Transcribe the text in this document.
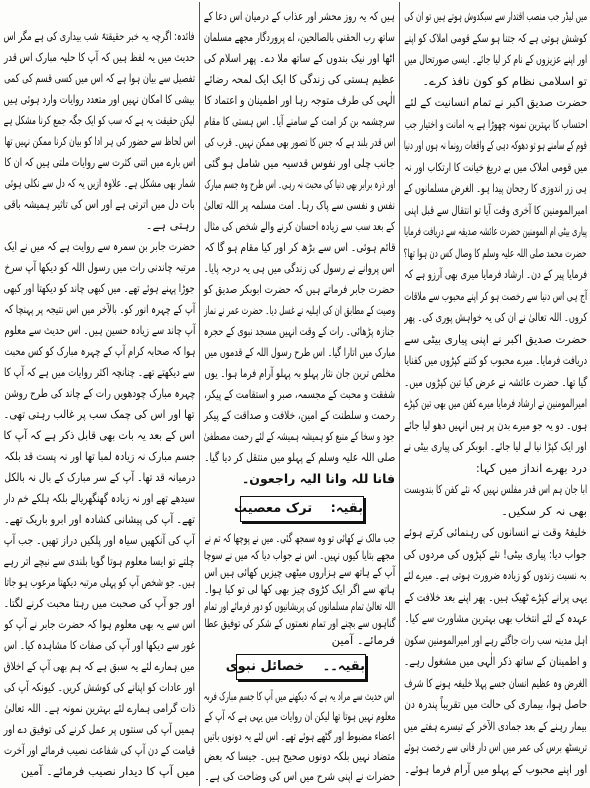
میں لیڈر جب منصب اقتدار سے سبکدوش ہوتے ہیں تو ان کی
کوشش ہوتی ہے کہ جتنا ہو سکے قومی املاک کو اپنے
اور اپنے عزیزوں کے نام کر لیا جائے۔ ایسی صورتحال میں
تو اسلامی نظام کو کون نافذ کرے۔
حضرت صدیق اکبر نے تمام انسانیت کے لئے
احتساب کا بہترین نمونہ چھوڑا ہے یہ امانت و اختیار جب
قوم کے سامنے ہو تو دھوکہ دہی کے واقعات رونما نہ ہوں اور دنیا
میں قومی املاک میں بے دریغ خیانت کا ارتکاب اور نہ
ہی زر اندوزی کا رجحان پیدا ہو۔ الغرض مسلمانوں کے
امیرالمومنین کا آخری وقت آیا تو انتقال سے قبل اپنی
پیاری بیٹی ام المومنین حضرت عائشہ صدیقہ سے دریافت فرمایا
حضرت محمد صلی اللہ علیہ وسلم کا وصال کس دن ہوا تھا؟
فرمایا پیر کے دن۔ ارشاد فرمایا میری بھی آرزو ہے کہ
آج ہی اس دنیا سے رخصت ہو کر اپنے محبوب سے ملاقات
کروں۔ اللہ تعالیٰ نے ان کی یہ خواہش پوری کی۔ پھر
حضرت صدیق اکبر نے اپنی پیاری بیٹی سے
دریافت فرمایا۔ میرے محبوب کو کتنے کپڑوں میں کفنایا
گیا تھا۔ حضرت عائشہ نے عرض کیا تین کپڑوں میں۔
امیرالمومنین نے ارشاد فرمایا میرے کفن میں بھی تین کپڑے
ہوں۔ دو یہ جو میرے بدن پر ہیں انہیں دھو لیا جائے
اور ایک کپڑا نیا لے لیا جائے۔ ابوبکر کی پیاری بیٹی نے
درد بھرے انداز میں کہا:
ابا جان ہم اس قدر مفلس نہیں کہ نئے کفن کا بندوبست
بھی نہ کر سکیں۔
خلیفۂ وقت نے انسانوں کی رہنمائی کرتے ہوئے
جواب دیا: پیاری بیٹی! نئے کپڑوں کی مردوں کی
بہ نسبت زندوں کو زیادہ ضرورت ہوتی ہے۔ میرے لئے
یہی پرانے کپڑے ٹھیک ہیں۔ پھر اپنے بعد خلافت کے
عہدہ کے لئے انتخاب بھی بہترین مشاورت سے کیا۔
اہل مدینہ سب رات جاگتے رہے اور امیرالمومنین سکون
و اطمینان کے ساتھ ذکر الٰہی میں مشغول رہے۔
الغرض وہ عظیم انسان جسے پہلا خلیفہ ہونے کا شرف
حاصل ہوا، بیماری کی حالت میں تقریباً پندرہ دن
بیمار رہنے کے بعد جمادی الآخر کے تیسرے ہفتے میں
تریسٹھ برس کی عمر میں اس دار فانی سے رخصت ہوئے
اور اپنے محبوب کے پہلو میں آرام فرما ہوئے۔
ہیں کہ یہ روز محشر اور عذاب کے درمیان اس دعا کے
ساتھ رب الحقنی بالصالحین، اے پروردگار مجھے مسلمان
اٹھا اور نیک بندوں کے ساتھ ملا دے۔ پھر اسلام کی
عظیم ہستی کی زندگی کا ایک ایک لمحہ رضائے
الٰہی کی طرف متوجہ رہا اور اطمینان و اعتماد کا
سرچشمہ بن کر امت کے سامنے آیا۔ اس ہستی کا مقام
اس قدر بلند ہے کہ جس کا تصور بھی ممکن نہیں۔ قرب کی
جانب چلی اور نفوس قدسیہ میں شامل ہو گئی
اور ذرہ برابر بھی دنیا کی محبت نہ رہی۔ اس طرح وہ جسم مبارک
نفس و نفسی سے پاک رہا۔ امت مسلمہ پر اللہ تعالیٰ
کے بعد سب سے زیادہ احسان کرنے والے شخص کی مثال
قائم ہوئی۔ اس سے بڑھ کر اور کیا مقام ہو گا کہ
اس پروانے نے رسول کی زندگی میں ہی یہ درجہ پایا۔
حضرت جابر فرماتے ہیں کہ حضرت ابوبکر صدیق کو
وصیت کے مطابق ان کی اہلیہ نے غسل دیا۔ حضرت عمر نے نماز
جنازہ پڑھائی۔ رات کے وقت انہیں مسجد نبوی کے حجرہ
مبارک میں اتارا گیا۔ اس طرح رسول اللہ کے قدموں میں
مخلص ترین جان نثار پہلو بہ پہلو آرام فرما ہوا۔ یوں
شفقت و محبت کے مجسمہ، صبر و استقامت کے پیکر،
رحمت و سلطنت کے امین، خلافت و صداقت کے پیکر
جود و سخا کے منبع کو ہمیشہ ہمیشہ کے لئے رحمت مصطفیٰ
صلی اللہ علیہ وسلم کے پہلو میں منتقل کر دیا گیا۔
فانا للہ وانا الیہ راجعون۔
بقیہ: ترک معصیت
جب مالک نے کھائی تو وہ سمجھ گئی۔ میں نے پوچھا کہ تم نے
مجھے بتایا کیوں نہیں۔ اس نے جواب دیا کہ میں نے سوچا
آپ کے ہاتھ سے ہزاروں میٹھی چیزیں کھائی ہیں اس
ہاتھ سے اگر ایک کڑوی چیز بھی کھا لی تو کیا ہوا۔
اللہ تعالیٰ تمام مسلمانوں کی پریشانیوں کو دور فرمائے اور تمام
گناہوں سے بچنے اور تمام نعمتوں کے شکر کی توفیق عطا
فرمائے۔ آمین
بقیہ۔۔ خصائل نبوی
اس حدیث سے مراد یہ ہے کہ دیکھنے میں آپ کا جسم مبارک فربہ
معلوم نہیں ہوتا تھا لیکن ان روایات میں یہی ہے کہ آپ کے
اعضاء مضبوط اور گٹھے ہوئے تھے۔ اس لئے یہ دونوں باتیں
متضاد نہیں بلکہ دونوں صحیح ہیں۔ جیسا کہ بعض
حضرات نے اپنی شرح میں اس کی وضاحت کی ہے۔
فائدہ: اگرچہ یہ خبر حقیقتہً شب بیداری کی ہے مگر اس
حدیث میں یہ لفظ ہیں کہ آپ کا حلیہ مبارک اس قدر
تفصیل سے بیان ہوا ہے کہ اس میں کسی قسم کی کمی
بیشی کا امکان نہیں اور متعدد روایات وارد ہوئی ہیں
لیکن حقیقت یہ ہے کہ سب کو ایک جگہ جمع کرنا مشکل ہے
اس لحاظ سے حضور کی ہر ادا کو بیان کرنا ممکن نہیں تھا
اس بارے میں اتنی کثرت سے روایات ملتی ہیں کہ ان کا
شمار بھی مشکل ہے۔ علاوہ ازیں یہ کہ دل سے نکلی ہوئی
بات دل میں اترتی ہے اور اس کی تاثیر ہمیشہ باقی
رہتی ہے۔
حضرت جابر بن سمرہ سے روایت ہے کہ میں نے ایک
مرتبہ چاندنی رات میں رسول اللہ کو دیکھا آپ سرخ
جوڑا پہنے ہوئے تھے۔ میں کبھی چاند کو دیکھتا اور کبھی
آپ کے چہرہ انور کو۔ بالآخر میں اس نتیجہ پر پہنچا کہ
آپ چاند سے زیادہ حسین ہیں۔ اس حدیث سے معلوم
ہوا کہ صحابہ کرام آپ کے چہرہ مبارک کو کس محبت
سے دیکھتے تھے۔ چنانچہ اکثر روایات میں ہے کہ آپ کا
چہرہ مبارک چودھویں رات کے چاند کی طرح روشن
تھا اور اس کی چمک سب پر غالب رہتی تھی۔
اس کے بعد یہ بات بھی قابل ذکر ہے کہ آپ کا
جسم مبارک نہ زیادہ لمبا تھا اور نہ پست قد بلکہ
درمیانہ قد تھا۔ آپ کے سر مبارک کے بال نہ بالکل
سیدھے تھے اور نہ زیادہ گھنگھریالے بلکہ ہلکے خم دار
تھے۔ آپ کی پیشانی کشادہ اور ابرو باریک تھے۔
آپ کی آنکھیں سیاہ اور پلکیں دراز تھیں۔ جب آپ
چلتے تو ایسا معلوم ہوتا گویا بلندی سے نیچے اتر رہے
ہیں۔ جو شخص آپ کو پہلی مرتبہ دیکھتا مرعوب ہو جاتا
اور جو آپ کی صحبت میں رہتا محبت کرنے لگتا۔
اس سے یہ بھی معلوم ہوا کہ حضرت جابر نے آپ کو
غور سے دیکھا اور آپ کی صفات کا مشاہدہ کیا۔ اس
میں ہمارے لئے یہ سبق ہے کہ ہم بھی آپ کے اخلاق
اور عادات کو اپنانے کی کوشش کریں۔ کیونکہ آپ کی
ذات گرامی ہمارے لئے بہترین نمونہ ہے۔ اللہ تعالیٰ
ہمیں آپ کی سنتوں پر عمل کرنے کی توفیق دے اور
قیامت کے دن آپ کی شفاعت نصیب فرمائے اور آخرت
میں آپ کا دیدار نصیب فرمائے۔ آمین
